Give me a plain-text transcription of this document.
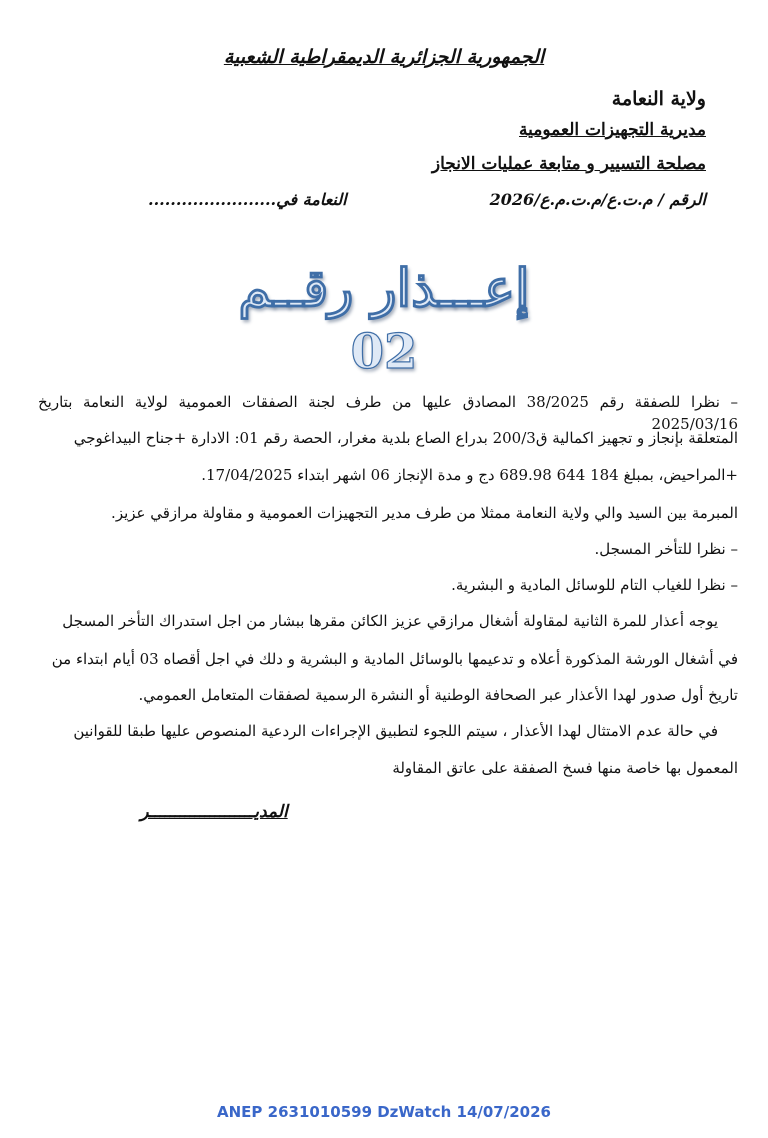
الجمهورية الجزائرية الديمقراطية الشعبية
ولاية النعامة
مديرية التجهيزات العمومية
مصلحة التسيير و متابعة عمليات الانجاز
الرقم / م.ت.ع/م.ت.م.ع/2026
النعامة في.......................
إعـــذار رقــم
02
– نظرا للصفقة رقم 38/2025 المصادق عليها من طرف لجنة الصفقات العمومية لولاية النعامة بتاريخ 2025/03/16
المتعلقة بإنجاز و تجهيز اكمالية ق200/3 بدراع الصاع بلدية مغرار، الحصة رقم 01: الادارة +جناح البيداغوجي
+المراحيض، بمبلغ 184 644 689.98 دج و مدة الإنجاز 06 اشهر ابتداء 17/04/2025.
المبرمة بين السيد والي ولاية النعامة ممثلا من طرف مدير التجهيزات العمومية و مقاولة مرازقي عزيز.
– نظرا للتأخر المسجل.
– نظرا للغياب التام للوسائل المادية و البشرية.
يوجه أعذار للمرة الثانية لمقاولة أشغال مرازقي عزيز الكائن مقرها ببشار من اجل استدراك التأخر المسجل
في أشغال الورشة المذكورة أعلاه و تدعيمها بالوسائل المادية و البشرية و دلك في اجل أقصاه 03 أيام ابتداء من
تاريخ أول صدور لهدا الأعذار عبر الصحافة الوطنية أو النشرة الرسمية لصفقات المتعامل العمومي.
في حالة عدم الامتثال لهدا الأعذار ، سيتم اللجوء لتطبيق الإجراءات الردعية المنصوص عليها طبقا للقوانين
المعمول بها خاصة منها فسخ الصفقة على عاتق المقاولة
المديـــــــــــــــــــــر
ANEP 2631010599 DzWatch 14/07/2026
